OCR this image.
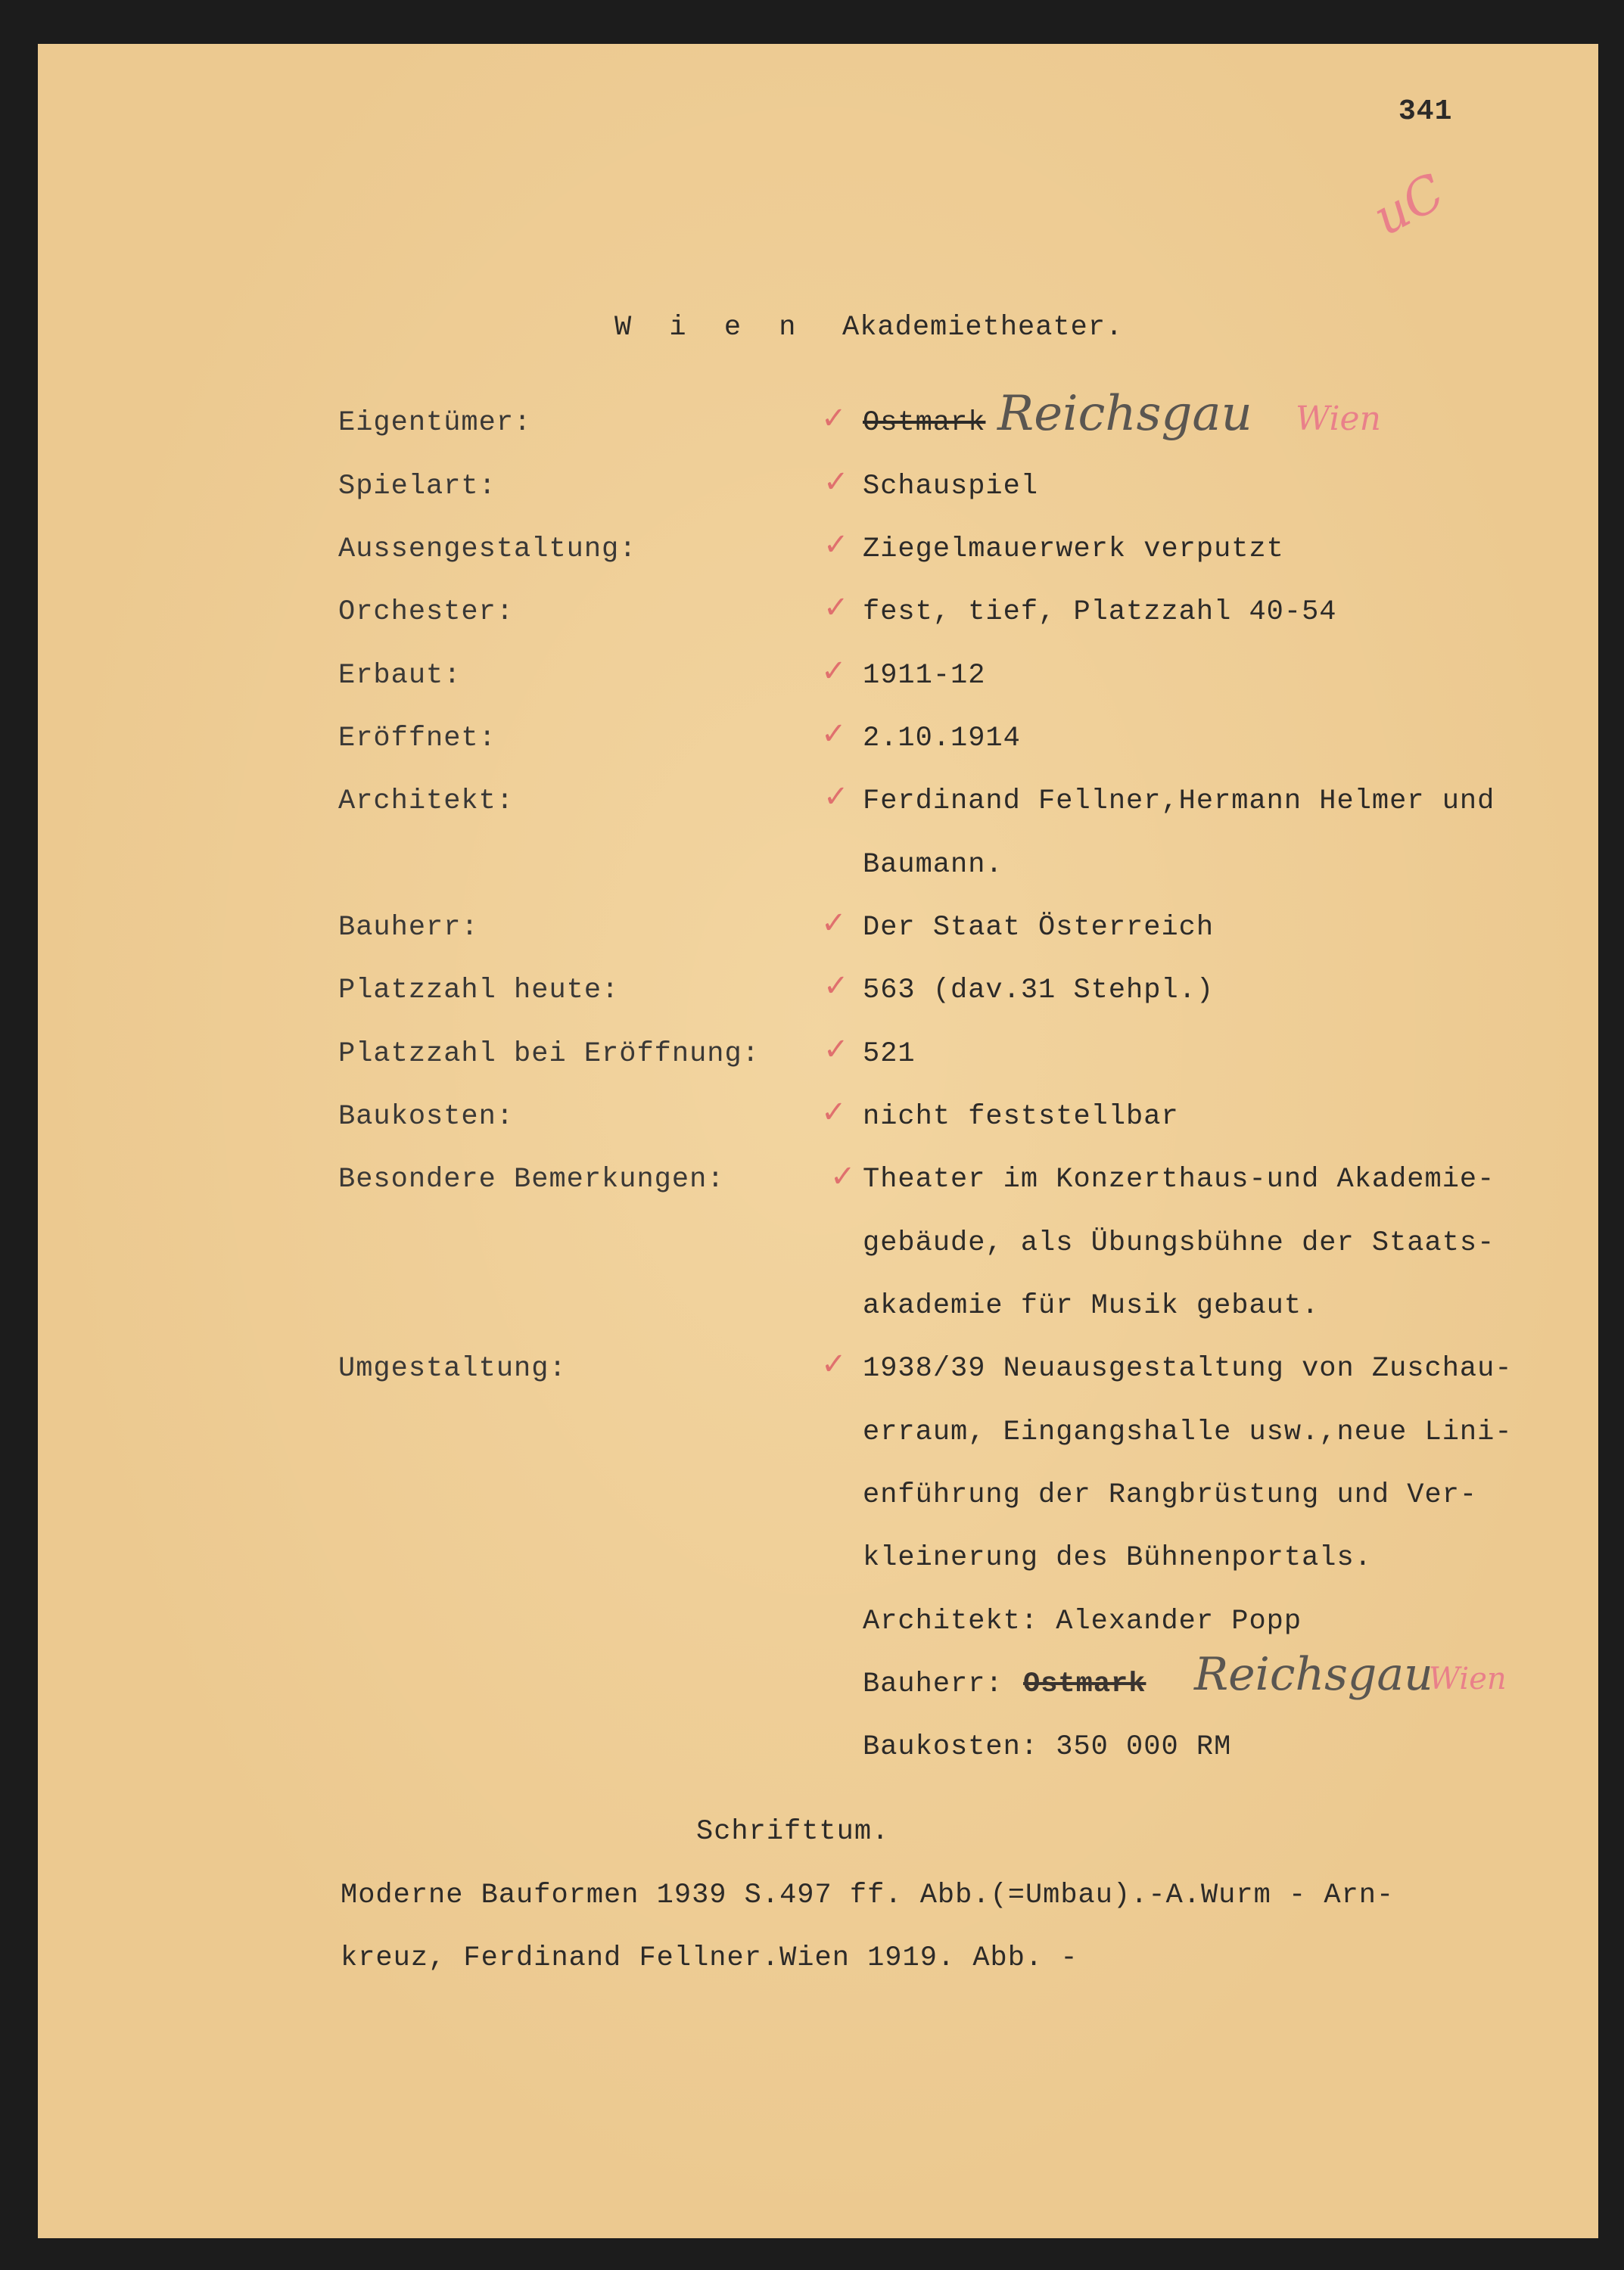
341
uC
W i e n Akademietheater.
Eigentümer:	✓ Ostmark Reichsgau Wien
Spielart:	✓ Schauspiel
Aussengestaltung:	✓ Ziegelmauerwerk verputzt
Orchester:	✓ fest, tief, Platzzahl 40-54
Erbaut:	✓ 1911-12
Eröffnet:	✓ 2.10.1914
Architekt:	✓ Ferdinand Fellner,Hermann Helmer und
Baumann.
Bauherr:	✓ Der Staat Österreich
Platzzahl heute:	✓ 563 (dav.31 Stehpl.)
Platzzahl bei Eröffnung: ✓ 521
Baukosten:	✓ nicht feststellbar
Besondere Bemerkungen:	✓ Theater im Konzerthaus-und Akademie-
gebäude, als Übungsbühne der Staats-
akademie für Musik gebaut.
Umgestaltung:	✓ 1938/39 Neuausgestaltung von Zuschau-
erraum, Eingangshalle usw.,neue Lini-
enführung der Rangbrüstung und Ver-
kleinerung des Bühnenportals.
Architekt: Alexander Popp
Bauherr: Ostmark Reichsgau
Wien
Baukosten: 350 000 RM
Schrifttum.
Moderne Bauformen 1939 S.497 ff. Abb.(=Umbau).-A.Wurm - Arn-
kreuz, Ferdinand Fellner.Wien 1919. Abb. -
